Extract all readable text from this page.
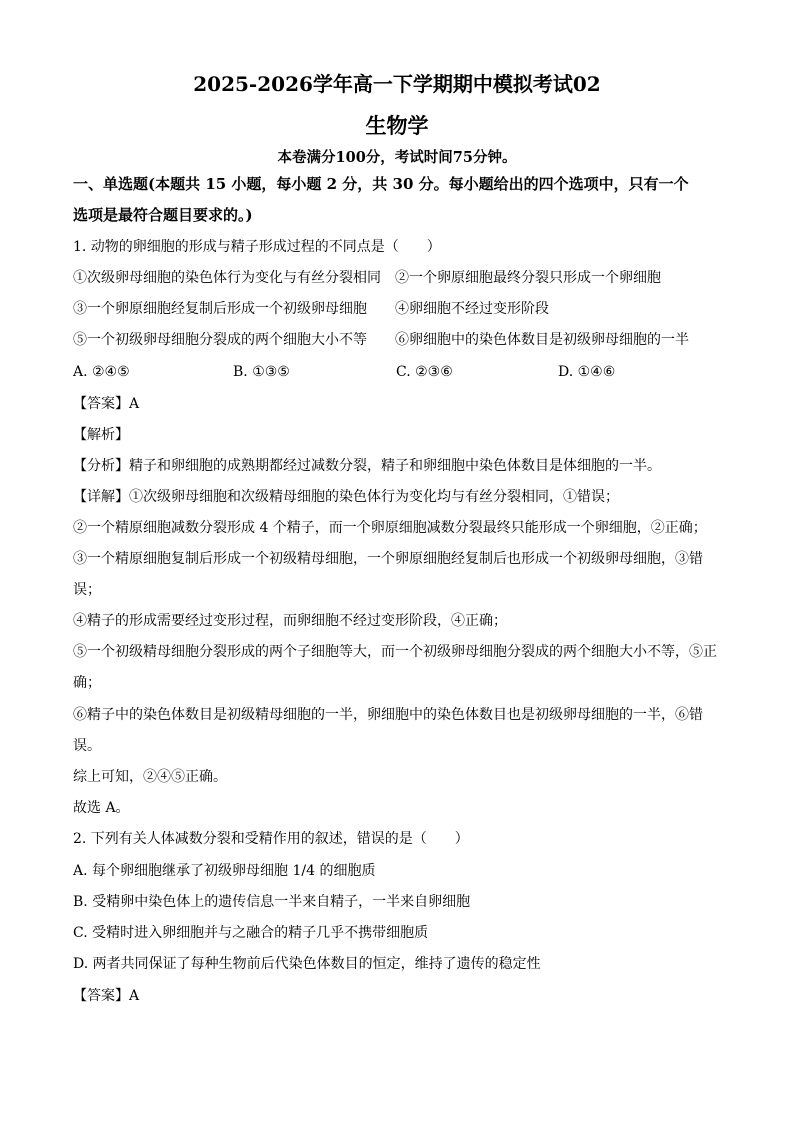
2025-2026学年高一下学期期中模拟考试02
生物学
本卷满分100分，考试时间75分钟。
一、单选题(本题共 15 小题，每小题 2 分，共 30 分。每小题给出的四个选项中，只有一个
选项是最符合题目要求的。)
1. 动物的卵细胞的形成与精子形成过程的不同点是（　　）
①次级卵母细胞的染色体行为变化与有丝分裂相同　②一个卵原细胞最终分裂只形成一个卵细胞
③一个卵原细胞经复制后形成一个初级卵母细胞　　④卵细胞不经过变形阶段
⑤一个初级卵母细胞分裂成的两个细胞大小不等　　⑥卵细胞中的染色体数目是初级卵母细胞的一半
A. ②④⑤	B. ①③⑤	C. ②③⑥	D. ①④⑥
【答案】A
【解析】
【分析】精子和卵细胞的成熟期都经过减数分裂，精子和卵细胞中染色体数目是体细胞的一半。
【详解】①次级卵母细胞和次级精母细胞的染色体行为变化均与有丝分裂相同，①错误；
②一个精原细胞减数分裂形成 4 个精子，而一个卵原细胞减数分裂最终只能形成一个卵细胞，②正确；
③一个精原细胞复制后形成一个初级精母细胞，一个卵原细胞经复制后也形成一个初级卵母细胞，③错
误；
④精子的形成需要经过变形过程，而卵细胞不经过变形阶段，④正确；
⑤一个初级精母细胞分裂形成的两个子细胞等大，而一个初级卵母细胞分裂成的两个细胞大小不等，⑤正
确；
⑥精子中的染色体数目是初级精母细胞的一半，卵细胞中的染色体数目也是初级卵母细胞的一半，⑥错
误。
综上可知，②④⑤正确。
故选 A。
2. 下列有关人体减数分裂和受精作用的叙述，错误的是（　　）
A. 每个卵细胞继承了初级卵母细胞 1/4 的细胞质
B. 受精卵中染色体上的遗传信息一半来自精子，一半来自卵细胞
C. 受精时进入卵细胞并与之融合的精子几乎不携带细胞质
D. 两者共同保证了每种生物前后代染色体数目的恒定，维持了遗传的稳定性
【答案】A
